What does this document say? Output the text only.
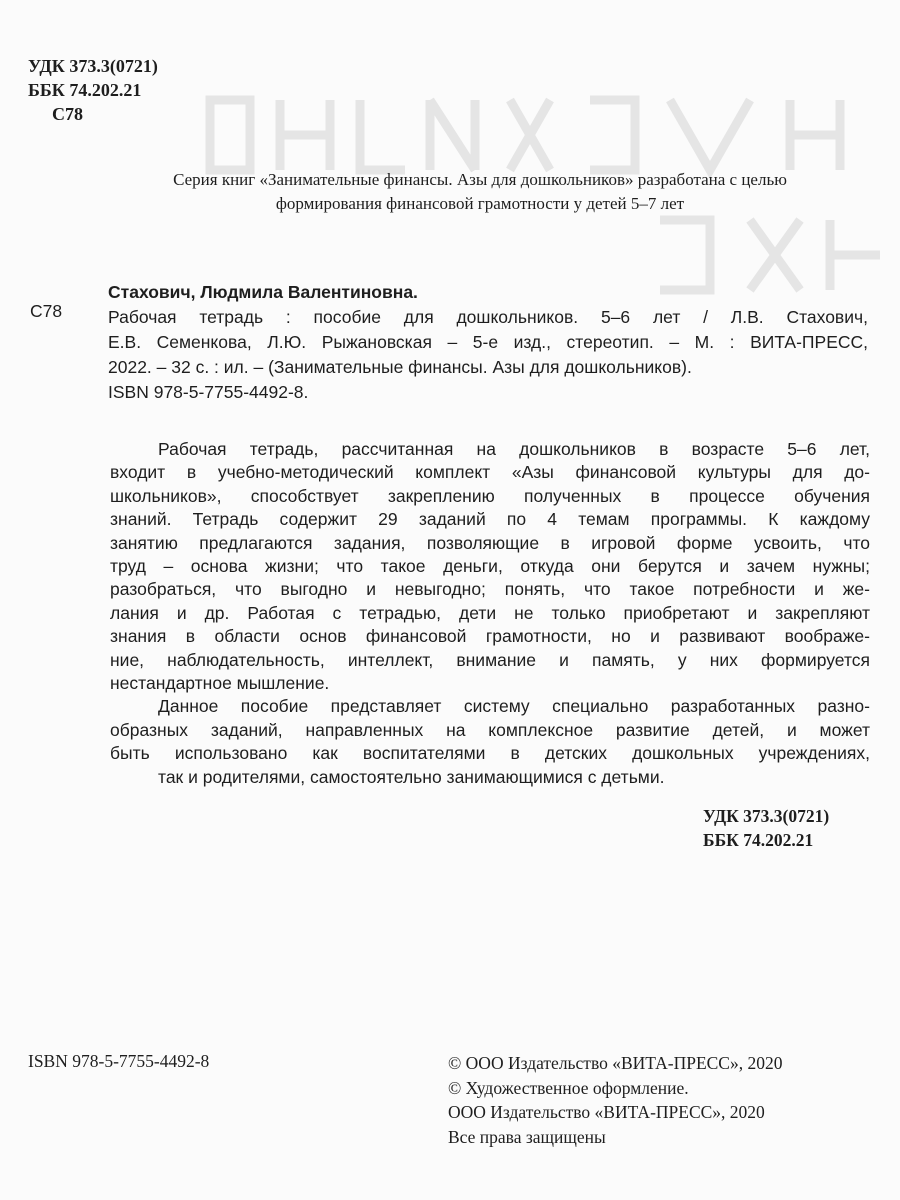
УДК 373.3(0721)
ББК 74.202.21
С78
Серия книг «Занимательные финансы. Азы для дошкольников» разработана с целью
формирования финансовой грамотности у детей 5–7 лет
С78
Стахович, Людмила Валентиновна.
Рабочая тетрадь : пособие для дошкольников. 5–6 лет / Л.В. Стахович,
Е.В. Семенкова, Л.Ю. Рыжановская – 5-е изд., стереотип. – М. : ВИТА-ПРЕСС,
2022. – 32 с. : ил. – (Занимательные финансы. Азы для дошкольников).
ISBN 978-5-7755-4492-8.

Рабочая тетрадь, рассчитанная на дошкольников в возрасте 5–6 лет,
входит в учебно-методический комплект «Азы финансовой культуры для до-
школьников», способствует закреплению полученных в процессе обучения
знаний. Тетрадь содержит 29 заданий по 4 темам программы. К каждому
занятию предлагаются задания, позволяющие в игровой форме усвоить, что
труд – основа жизни; что такое деньги, откуда они берутся и зачем нужны;
разобраться, что выгодно и невыгодно; понять, что такое потребности и же-
лания и др. Работая с тетрадью, дети не только приобретают и закрепляют
знания в области основ финансовой грамотности, но и развивают воображе-
ние, наблюдательность, интеллект, внимание и память, у них формируется
нестандартное мышление.

Данное пособие представляет систему специально разработанных разно-
образных заданий, направленных на комплексное развитие детей, и может
быть использовано как воспитателями в детских дошкольных учреждениях,
так и родителями, самостоятельно занимающимися с детьми.

УДК 373.3(0721)
ББК 74.202.21
ISBN 978-5-7755-4492-8	© ООО Издательство «ВИТА-ПРЕСС», 2020
© Художественное оформление.
ООО Издательство «ВИТА-ПРЕСС», 2020
Все права защищены
